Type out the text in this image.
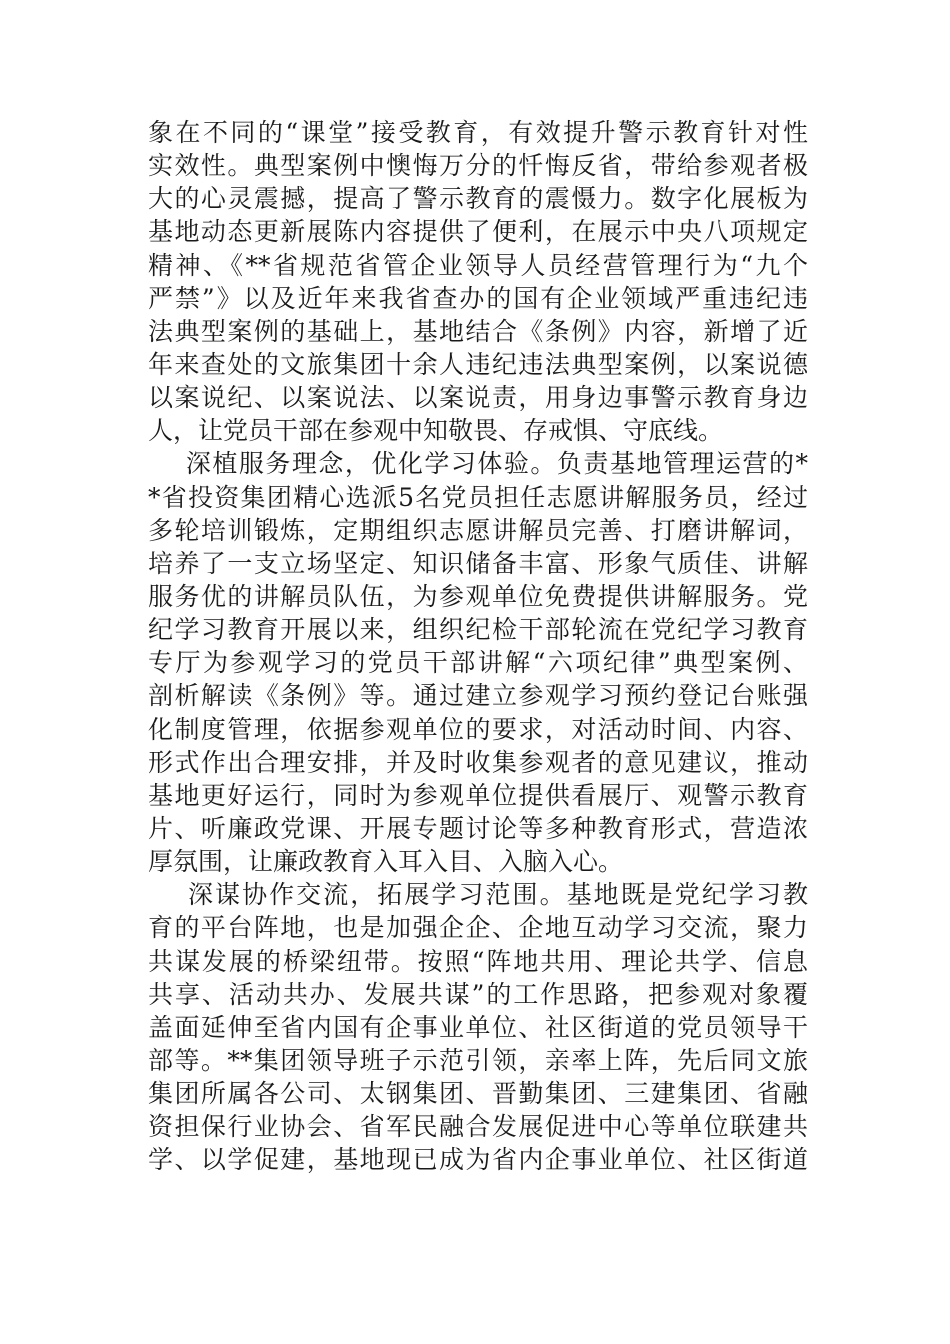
象在不同的“课堂”接受教育，有效提升警示教育针对性
实效性。典型案例中懊悔万分的忏悔反省，带给参观者极
大的心灵震撼，提高了警示教育的震慑力。数字化展板为
基地动态更新展陈内容提供了便利，在展示中央八项规定
精神、《**省规范省管企业领导人员经营管理行为“九个
严禁”》以及近年来我省查办的国有企业领域严重违纪违
法典型案例的基础上，基地结合《条例》内容，新增了近
年来查处的文旅集团十余人违纪违法典型案例，以案说德
以案说纪、以案说法、以案说责，用身边事警示教育身边
人，让党员干部在参观中知敬畏、存戒惧、守底线。
深植服务理念，优化学习体验。负责基地管理运营的*
*省投资集团精心选派5名党员担任志愿讲解服务员，经过
多轮培训锻炼，定期组织志愿讲解员完善、打磨讲解词，
培养了一支立场坚定、知识储备丰富、形象气质佳、讲解
服务优的讲解员队伍，为参观单位免费提供讲解服务。党
纪学习教育开展以来，组织纪检干部轮流在党纪学习教育
专厅为参观学习的党员干部讲解“六项纪律”典型案例、
剖析解读《条例》等。通过建立参观学习预约登记台账强
化制度管理，依据参观单位的要求，对活动时间、内容、
形式作出合理安排，并及时收集参观者的意见建议，推动
基地更好运行，同时为参观单位提供看展厅、观警示教育
片、听廉政党课、开展专题讨论等多种教育形式，营造浓
厚氛围，让廉政教育入耳入目、入脑入心。
深谋协作交流，拓展学习范围。基地既是党纪学习教
育的平台阵地，也是加强企企、企地互动学习交流，聚力
共谋发展的桥梁纽带。按照“阵地共用、理论共学、信息
共享、活动共办、发展共谋”的工作思路，把参观对象覆
盖面延伸至省内国有企事业单位、社区街道的党员领导干
部等。**集团领导班子示范引领，亲率上阵，先后同文旅
集团所属各公司、太钢集团、晋勤集团、三建集团、省融
资担保行业协会、省军民融合发展促进中心等单位联建共
学、以学促建，基地现已成为省内企事业单位、社区街道
